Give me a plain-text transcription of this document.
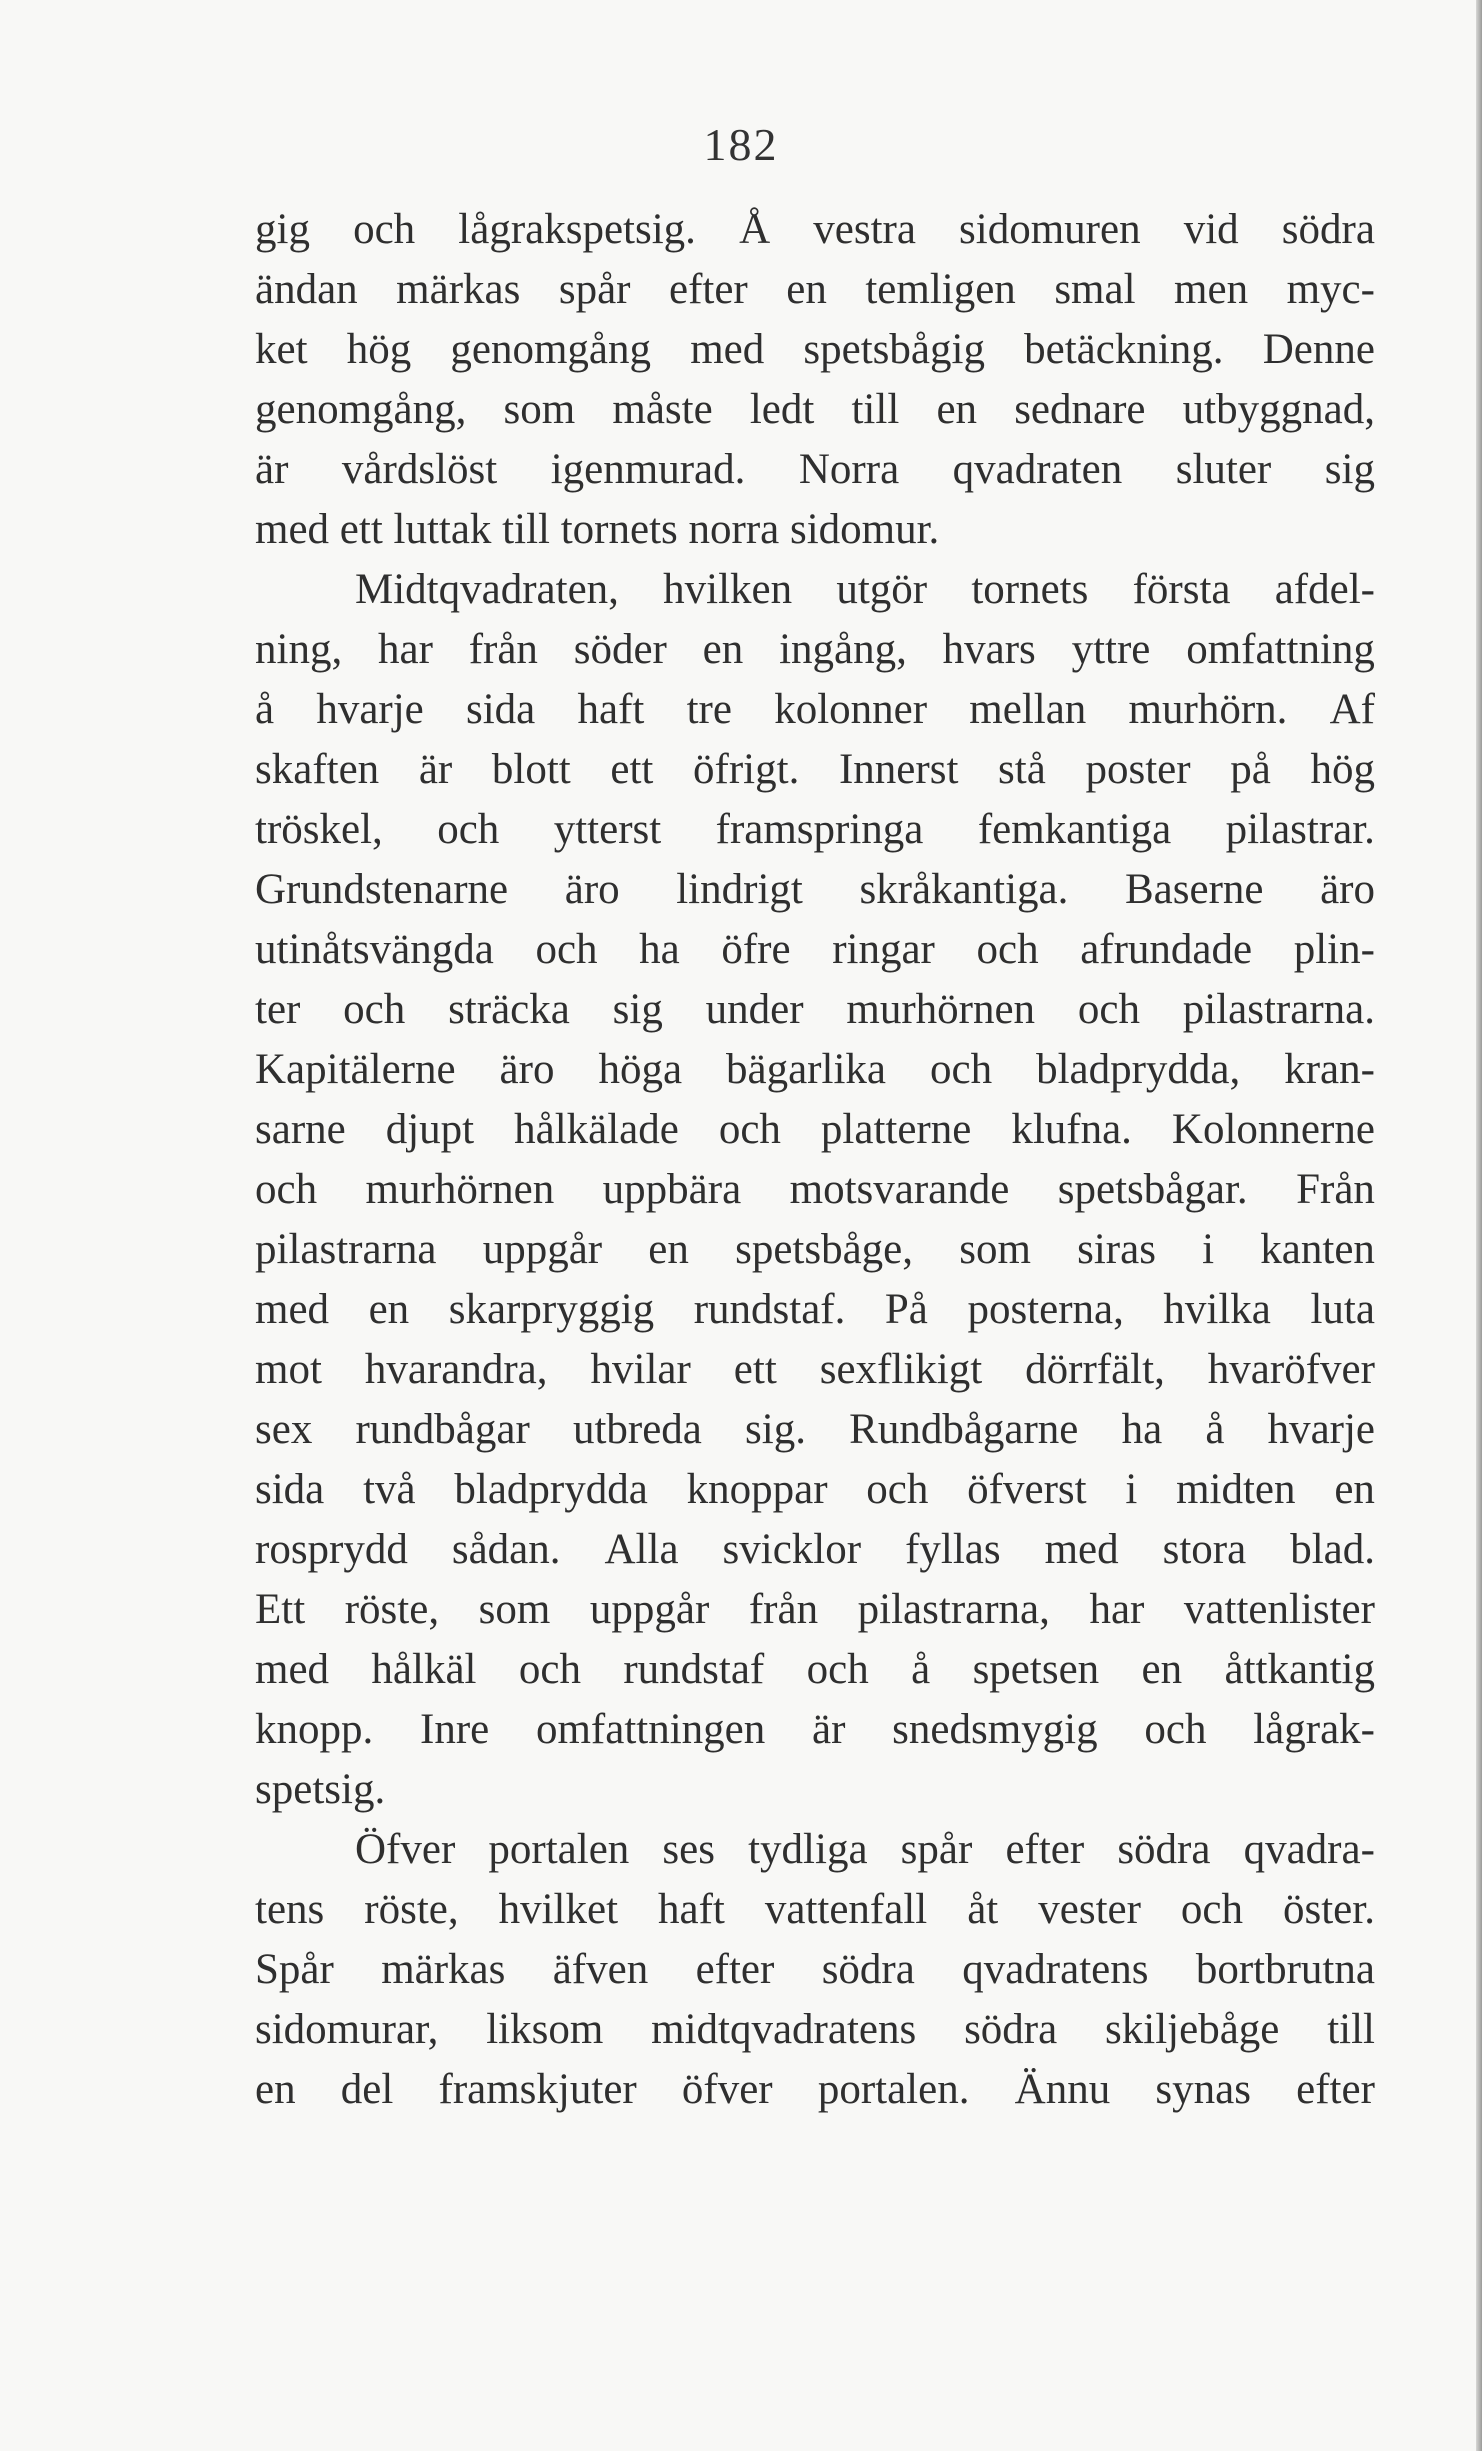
182
gig och lågrakspetsig. Å vestra sidomuren vid södra
ändan märkas spår efter en temligen smal men myc-
ket hög genomgång med spetsbågig betäckning. Denne
genomgång, som måste ledt till en sednare utbyggnad,
är vårdslöst igenmurad. Norra qvadraten sluter sig
med ett luttak till tornets norra sidomur.
Midtqvadraten, hvilken utgör tornets första afdel-
ning, har från söder en ingång, hvars yttre omfattning
å hvarje sida haft tre kolonner mellan murhörn. Af
skaften är blott ett öfrigt. Innerst stå poster på hög
tröskel, och ytterst framspringa femkantiga pilastrar.
Grundstenarne äro lindrigt skråkantiga. Baserne äro
utinåtsvängda och ha öfre ringar och afrundade plin-
ter och sträcka sig under murhörnen och pilastrarna.
Kapitälerne äro höga bägarlika och bladprydda, kran-
sarne djupt hålkälade och platterne klufna. Kolonnerne
och murhörnen uppbära motsvarande spetsbågar. Från
pilastrarna uppgår en spetsbåge, som siras i kanten
med en skarpryggig rundstaf. På posterna, hvilka luta
mot hvarandra, hvilar ett sexflikigt dörrfält, hvaröfver
sex rundbågar utbreda sig. Rundbågarne ha å hvarje
sida två bladprydda knoppar och öfverst i midten en
rosprydd sådan. Alla svicklor fyllas med stora blad.
Ett röste, som uppgår från pilastrarna, har vattenlister
med hålkäl och rundstaf och å spetsen en åttkantig
knopp. Inre omfattningen är snedsmygig och lågrak-
spetsig.
Öfver portalen ses tydliga spår efter södra qvadra-
tens röste, hvilket haft vattenfall åt vester och öster.
Spår märkas äfven efter södra qvadratens bortbrutna
sidomurar, liksom midtqvadratens södra skiljebåge till
en del framskjuter öfver portalen. Ännu synas efter
